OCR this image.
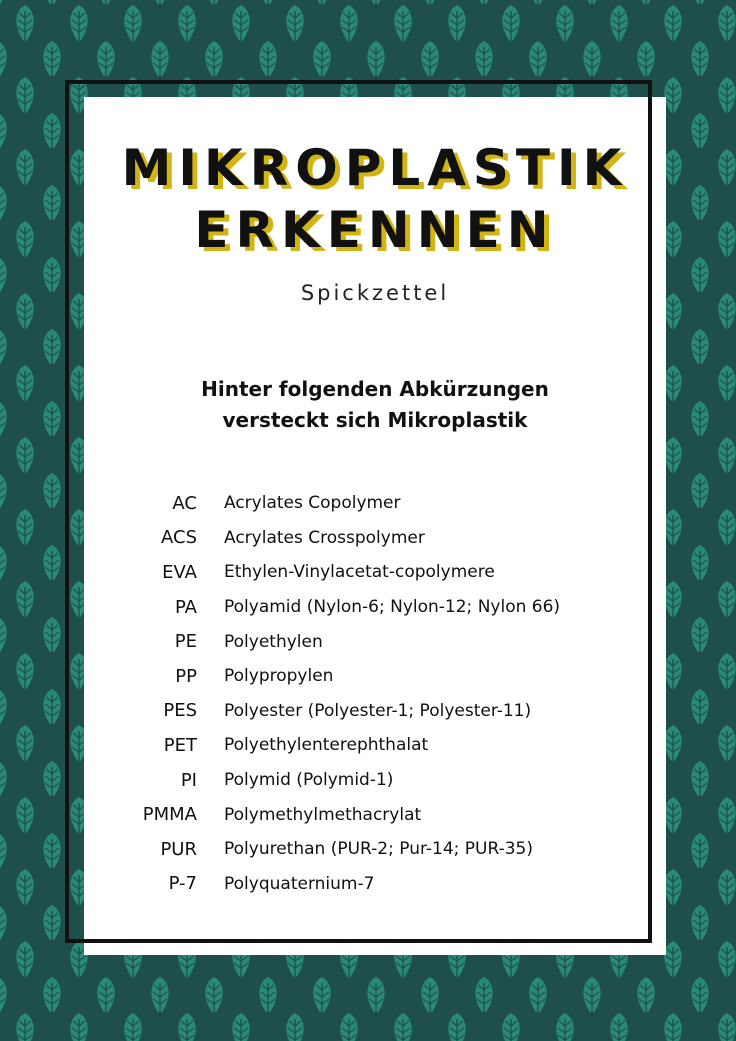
MIKROPLASTIK
ERKENNEN
Spickzettel
Hinter folgenden Abkürzungen
versteckt sich Mikroplastik
AC	Acrylates Copolymer
ACS	Acrylates Crosspolymer
EVA	Ethylen-Vinylacetat-copolymere
PA	Polyamid (Nylon-6; Nylon-12; Nylon 66)
PE	Polyethylen
PP	Polypropylen
PES	Polyester (Polyester-1; Polyester-11)
PET	Polyethylenterephthalat
PI	Polymid (Polymid-1)
PMMA	Polymethylmethacrylat
PUR	Polyurethan (PUR-2; Pur-14; PUR-35)
P-7	Polyquaternium-7
